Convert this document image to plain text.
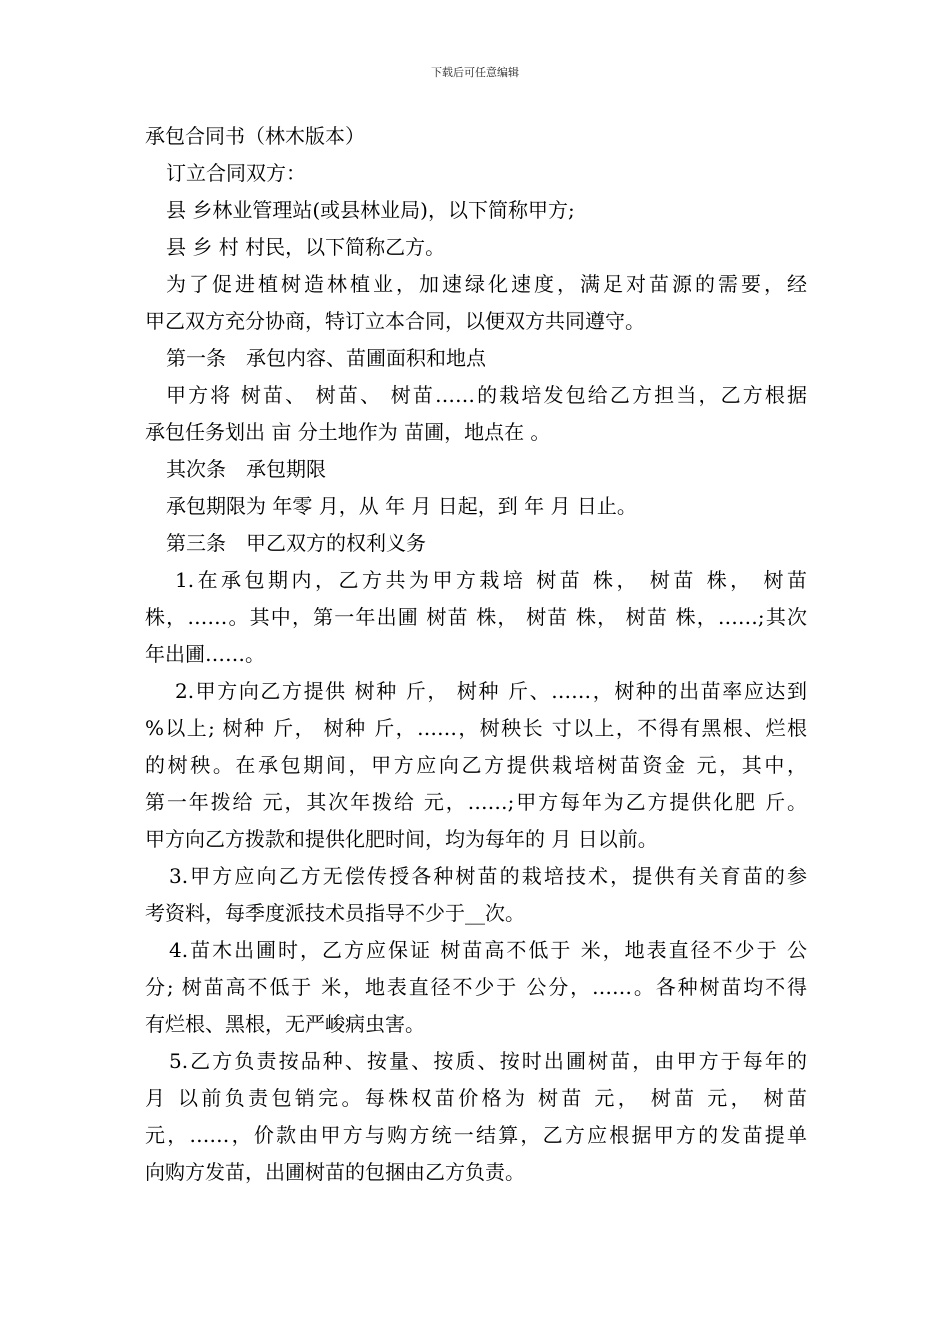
下载后可任意编辑
承包合同书（林木版本）
订立合同双方：
县 乡林业管理站(或县林业局)，以下简称甲方;
县 乡 村 村民，以下简称乙方。
为了促进植树造林植业，加速绿化速度，满足对苗源的需要，经
甲乙双方充分协商，特订立本合同，以便双方共同遵守。
第一条　承包内容、苗圃面积和地点
甲方将 树苗、 树苗、 树苗……的栽培发包给乙方担当，乙方根据
承包任务划出 亩 分土地作为 苗圃，地点在 。
其次条　承包期限
承包期限为 年零 月，从 年 月 日起，到 年 月 日止。
第三条　甲乙双方的权利义务
1.在承包期内，乙方共为甲方栽培 树苗 株， 树苗 株， 树苗
株，……。其中，第一年出圃 树苗 株， 树苗 株， 树苗 株，……;其次
年出圃……。
2.甲方向乙方提供 树种 斤， 树种 斤、……，树种的出苗率应达到
%以上; 树种 斤， 树种 斤，……，树秧长 寸以上，不得有黑根、烂根
的树秧。在承包期间，甲方应向乙方提供栽培树苗资金 元，其中，
第一年拨给 元，其次年拨给 元，……;甲方每年为乙方提供化肥 斤。
甲方向乙方拨款和提供化肥时间，均为每年的 月 日以前。
3.甲方应向乙方无偿传授各种树苗的栽培技术，提供有关育苗的参
考资料，每季度派技术员指导不少于__次。
4.苗木出圃时，乙方应保证 树苗高不低于 米，地表直径不少于 公
分; 树苗高不低于 米，地表直径不少于 公分，……。各种树苗均不得
有烂根、黑根，无严峻病虫害。
5.乙方负责按品种、按量、按质、按时出圃树苗，由甲方于每年的
月 以前负责包销完。每株权苗价格为 树苗 元， 树苗 元， 树苗
元，……，价款由甲方与购方统一结算，乙方应根据甲方的发苗提单
向购方发苗，出圃树苗的包捆由乙方负责。
